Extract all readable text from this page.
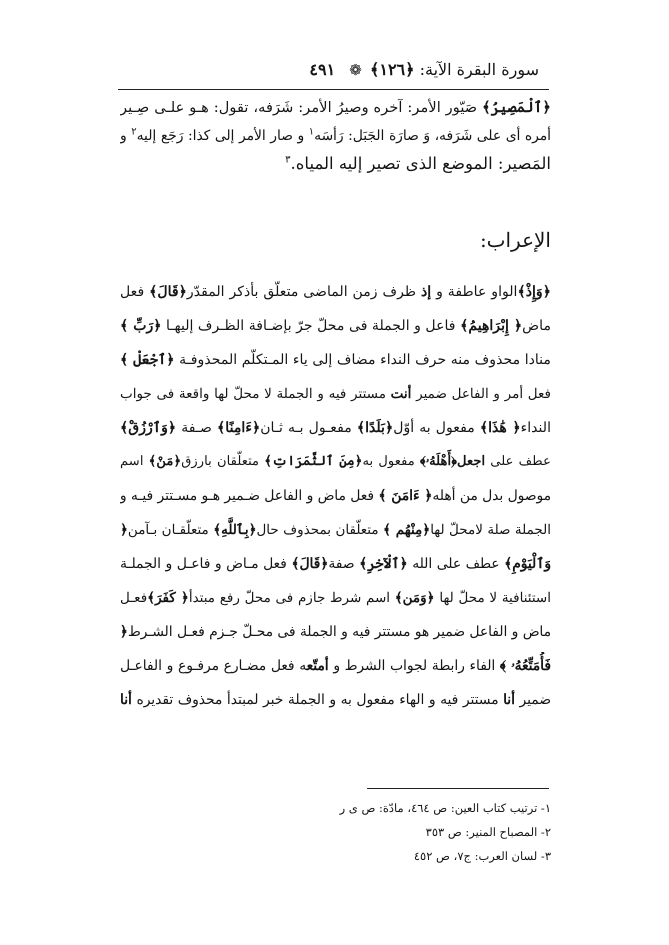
سورة البقرة الآية: ﴿١٢٦﴾ ❁ ٤٩١
﴿ٱلْمَصِيرُ﴾ صَيّور الأمر: آخره وصيرُ الأمر: شَرَفه، تقول: هـو علـى صِـير
أمره أى على شَرَفه، وَ صارَة الجَبَل: رَأسَه$^١$ و صار الأمر إلى كذا: رَجَع إليه$^٢$ و
المَصير: الموضع الذى تصير إليه المياه.$^٣$
الإعراب:
﴿وَإِذْ﴾الواو عاطفة و إذ ظرف زمن الماضى متعلّق بأذكر المقدّر﴿قَالَ﴾ فعل
ماض﴿ إِبْرَاهِيمُ﴾ فاعل و الجملة فى محلّ جرّ بإضـافة الظـرف إليهـا ﴿رَبِّ ﴾
منادا محذوف منه حرف النداء مضاف إلى ياء المـتكلّم المحذوفـة ﴿ٱجْعَلْ ﴾
فعل أمر و الفاعل ضمير أنت مستتر فيه و الجملة لا محلّ لها واقعة فى جواب
النداء﴿ هَٰذَا﴾ مفعول به أوّل﴿بَلَدًا﴾ مفعـول بـه ثـان﴿ءَامِنًا﴾ صـفة ﴿وَٱرْزُقْ﴾
عطف على اجعل﴿أَهْلَهُۥ﴾ مفعول به﴿مِنَ ٱلثَّمَرَاتِ﴾ متعلّقان بارزق﴿مَنْ﴾ اسم
موصول بدل من أهله﴿ ءَامَنَ ﴾ فعل ماض و الفاعل ضـمير هـو مسـتتر فيـه و
الجملة صلة لامحلّ لها﴿مِنْهُم ﴾ متعلّقان بمحذوف حال﴿بِٱللَّهِ﴾ متعلّقـان بـآمن﴿
وَٱلْيَوْمِ﴾ عطف على الله ﴿ٱلْآخِرِ﴾ صفة﴿قَالَ﴾ فعل مـاض و فاعـل و الجملـة
استئنافية لا محلّ لها ﴿وَمَن﴾ اسم شرط جازم فى محلّ رفع مبتدأ﴿ كَفَرَ﴾فعـل
ماض و الفاعل ضمير هو مستتر فيه و الجملة فى محـلّ جـزم فعـل الشـرط﴿
فَأُمَتِّعُهُۥ ﴾ الفاء رابطة لجواب الشرط و أمتّعه فعل مضـارع مرفـوع و الفاعـل
ضمير أنا مستتر فيه و الهاء مفعول به و الجملة خبر لمبتدأ محذوف تقديره أنا
١- ترتيب كتاب العين: ص ٤٦٤، مادّة: ص ى ر
٢- المصباح المنير: ص ٣٥٣
٣- لسان العرب: ج٧، ص ٤٥٢
